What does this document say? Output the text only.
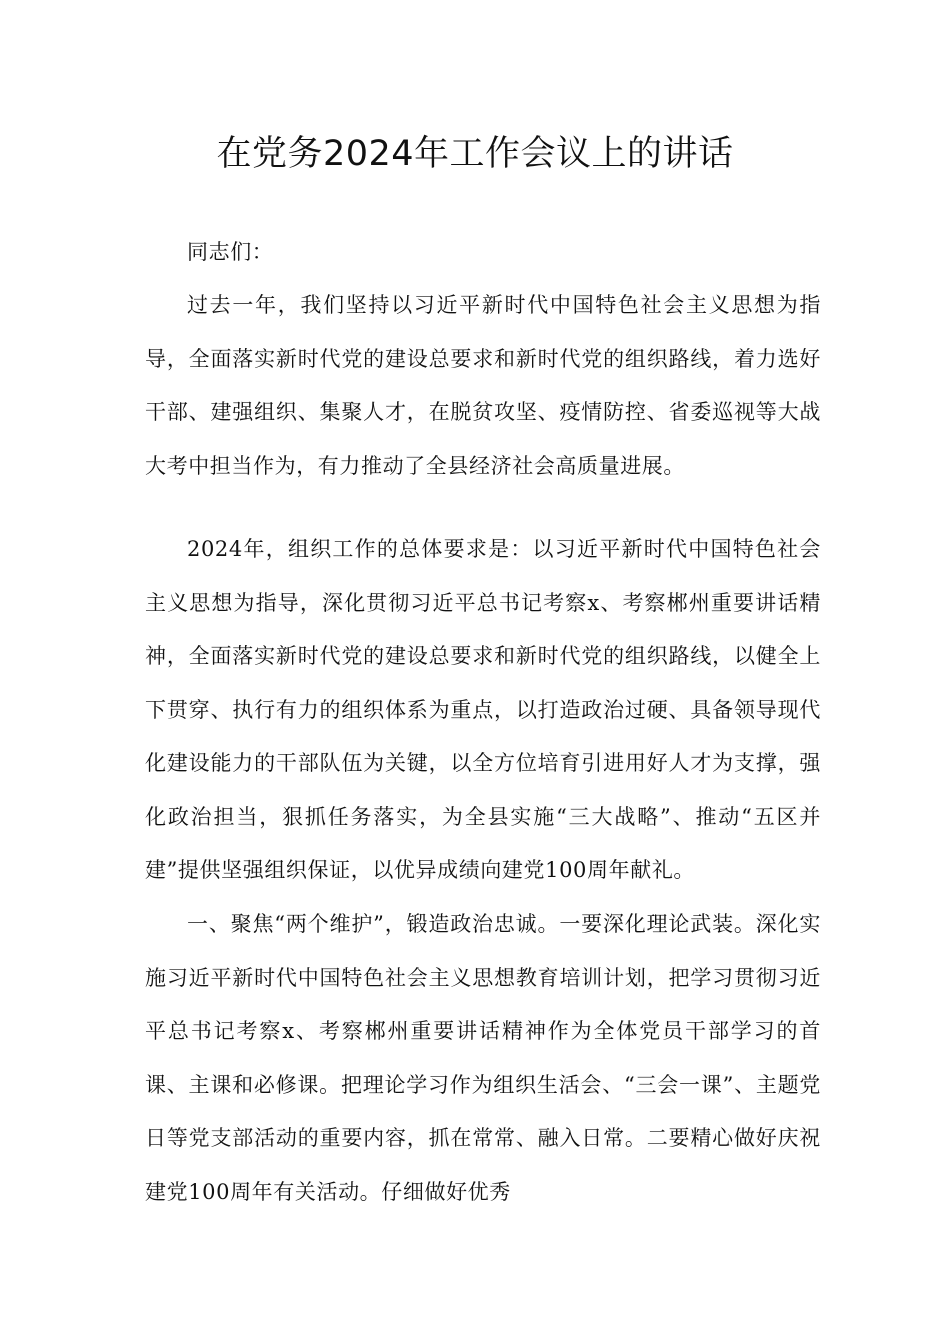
在党务2024年工作会议上的讲话

同志们：

过去一年，我们坚持以习近平新时代中国特色社会主义思想为指导，全面落实新时代党的建设总要求和新时代党的组织路线，着力选好干部、建强组织、集聚人才，在脱贫攻坚、疫情防控、省委巡视等大战大考中担当作为，有力推动了全县经济社会高质量进展。

2024年，组织工作的总体要求是：以习近平新时代中国特色社会主义思想为指导，深化贯彻习近平总书记考察x、考察郴州重要讲话精神，全面落实新时代党的建设总要求和新时代党的组织路线，以健全上下贯穿、执行有力的组织体系为重点，以打造政治过硬、具备领导现代化建设能力的干部队伍为关键，以全方位培育引进用好人才为支撑，强化政治担当，狠抓任务落实，为全县实施“三大战略”、推动“五区并建”提供坚强组织保证，以优异成绩向建党100周年献礼。

一、聚焦“两个维护”，锻造政治忠诚。一要深化理论武装。深化实施习近平新时代中国特色社会主义思想教育培训计划，把学习贯彻习近平总书记考察x、考察郴州重要讲话精神作为全体党员干部学习的首课、主课和必修课。把理论学习作为组织生活会、“三会一课”、主题党日等党支部活动的重要内容，抓在常常、融入日常。二要精心做好庆祝建党100周年有关活动。仔细做好优秀
